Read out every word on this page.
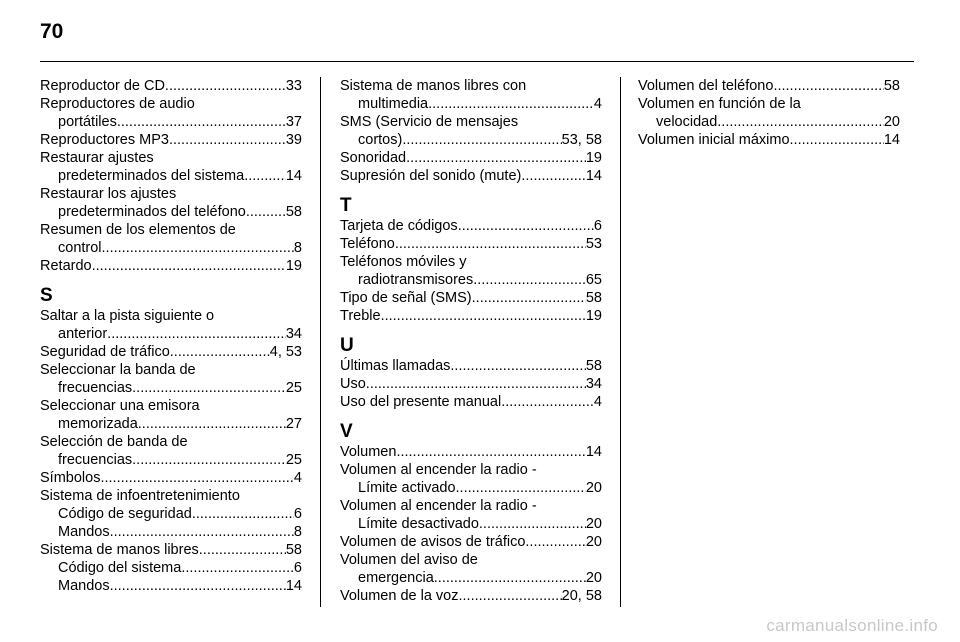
70
Reproductor de CD .....	33
Reproductores de audio
portátiles .....	37
Reproductores MP3 .....	39
Restaurar ajustes
predeterminados del sistema .....	14
Restaurar los ajustes
predeterminados del teléfono .....	58
Resumen de los elementos de
control .....	8
Retardo .....	19
S
Saltar a la pista siguiente o
anterior .....	34
Seguridad de tráfico .....	4, 53
Seleccionar la banda de
frecuencias .....	25
Seleccionar una emisora
memorizada .....	27
Selección de banda de
frecuencias .....	25
Símbolos .....	4
Sistema de infoentretenimiento
Código de seguridad .....	6
Mandos .....	8
Sistema de manos libres .....	58
Código del sistema .....	6
Mandos .....	14
Sistema de manos libres con
multimedia .....	4
SMS (Servicio de mensajes
cortos) .....	53, 58
Sonoridad .....	19
Supresión del sonido (mute) .....	14
T
Tarjeta de códigos .....	6
Teléfono .....	53
Teléfonos móviles y
radiotransmisores .....	65
Tipo de señal (SMS) .....	58
Treble .....	19
U
Últimas llamadas .....	58
Uso .....	34
Uso del presente manual .....	4
V
Volumen .....	14
Volumen al encender la radio -
Límite activado .....	20
Volumen al encender la radio -
Límite desactivado .....	20
Volumen de avisos de tráfico .....	20
Volumen del aviso de
emergencia .....	20
Volumen de la voz .....	20, 58
Volumen del teléfono .....	58
Volumen en función de la
velocidad .....	20
Volumen inicial máximo .....	14
carmanualsonline.info
